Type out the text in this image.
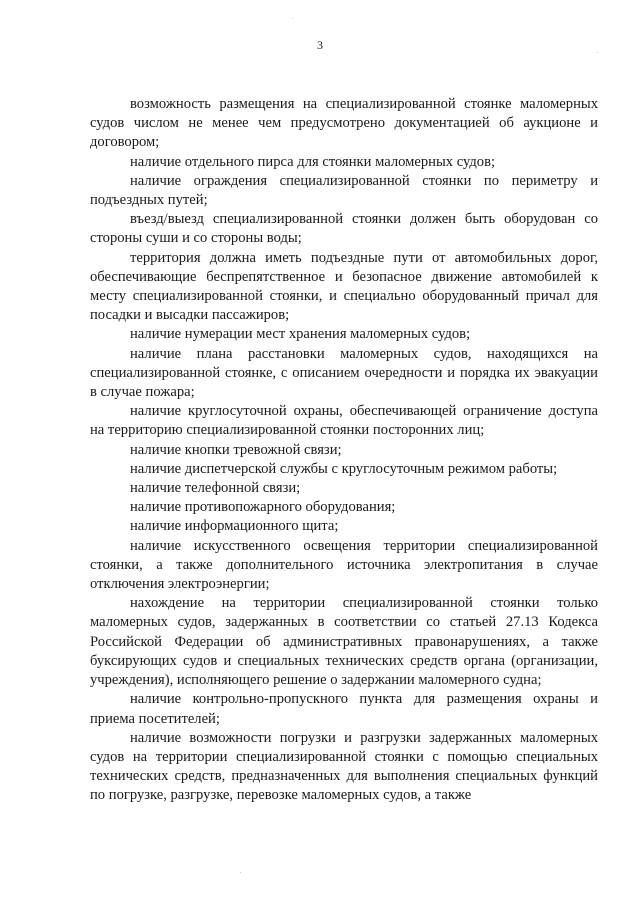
3

возможность размещения на специализированной стоянке маломерных судов числом не менее чем предусмотрено документацией об аукционе и договором;

наличие отдельного пирса для стоянки маломерных судов;

наличие ограждения специализированной стоянки по периметру и подъездных путей;

въезд/выезд специализированной стоянки должен быть оборудован со стороны суши и со стороны воды;

территория должна иметь подъездные пути от автомобильных дорог, обеспечивающие беспрепятственное и безопасное движение автомобилей к месту специализированной стоянки, и специально оборудованный причал для посадки и высадки пассажиров;

наличие нумерации мест хранения маломерных судов;

наличие плана расстановки маломерных судов, находящихся на специализированной стоянке, с описанием очередности и порядка их эвакуации в случае пожара;

наличие круглосуточной охраны, обеспечивающей ограничение доступа на территорию специализированной стоянки посторонних лиц;

наличие кнопки тревожной связи;

наличие диспетчерской службы с круглосуточным режимом работы;

наличие телефонной связи;

наличие противопожарного оборудования;

наличие информационного щита;

наличие искусственного освещения территории специализированной стоянки, а также дополнительного источника электропитания в случае отключения электроэнергии;

нахождение на территории специализированной стоянки только маломерных судов, задержанных в соответствии со статьей 27.13 Кодекса Российской Федерации об административных правонарушениях, а также буксирующих судов и специальных технических средств органа (организации, учреждения), исполняющего решение о задержании маломерного судна;

наличие контрольно-пропускного пункта для размещения охраны и приема посетителей;

наличие возможности погрузки и разгрузки задержанных маломерных судов на территории специализированной стоянки с помощью специальных технических средств, предназначенных для выполнения специальных функций по погрузке, разгрузке, перевозке маломерных судов, а также
